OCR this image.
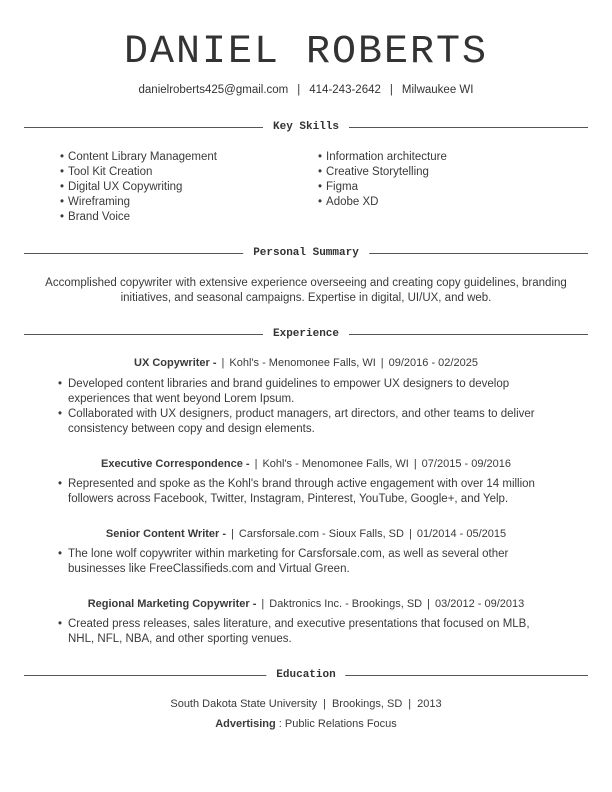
DANIEL ROBERTS
danielroberts425@gmail.com | 414-243-2642 | Milwaukee WI
Key Skills
• Content Library Management
• Tool Kit Creation
• Digital UX Copywriting
• Wireframing
• Brand Voice
• Information architecture
• Creative Storytelling
• Figma
• Adobe XD
Personal Summary
Accomplished copywriter with extensive experience overseeing and creating copy guidelines, branding initiatives, and seasonal campaigns. Expertise in digital, UI/UX, and web.
Experience
UX Copywriter - | Kohl's - Menomonee Falls, WI | 09/2016 - 02/2025
• Developed content libraries and brand guidelines to empower UX designers to develop experiences that went beyond Lorem Ipsum.
• Collaborated with UX designers, product managers, art directors, and other teams to deliver consistency between copy and design elements.
Executive Correspondence - | Kohl's - Menomonee Falls, WI | 07/2015 - 09/2016
• Represented and spoke as the Kohl's brand through active engagement with over 14 million followers across Facebook, Twitter, Instagram, Pinterest, YouTube, Google+, and Yelp.
Senior Content Writer - | Carsforsale.com - Sioux Falls, SD | 01/2014 - 05/2015
• The lone wolf copywriter within marketing for Carsforsale.com, as well as several other businesses like FreeClassifieds.com and Virtual Green.
Regional Marketing Copywriter - | Daktronics Inc. - Brookings, SD | 03/2012 - 09/2013
• Created press releases, sales literature, and executive presentations that focused on MLB, NHL, NFL, NBA, and other sporting venues.
Education
South Dakota State University | Brookings, SD | 2013
Advertising : Public Relations Focus
